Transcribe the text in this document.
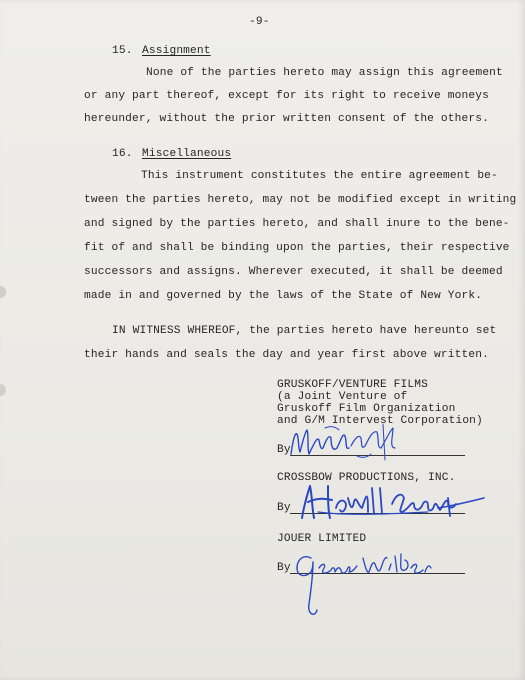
-9-
15. Assignment
None of the parties hereto may assign this agreement
or any part thereof, except for its right to receive moneys
hereunder, without the prior written consent of the others.
16. Miscellaneous
This instrument constitutes the entire agreement be-
tween the parties hereto, may not be modified except in writing
and signed by the parties hereto, and shall inure to the bene-
fit of and shall be binding upon the parties, their respective
successors and assigns. Wherever executed, it shall be deemed
made in and governed by the laws of the State of New York.
IN WITNESS WHEREOF, the parties hereto have hereunto set
their hands and seals the day and year first above written.
GRUSKOFF/VENTURE FILMS
(a Joint Venture of
Gruskoff Film Organization
and G/M Intervest Corporation)
By
CROSSBOW PRODUCTIONS, INC.
By
JOUER LIMITED
By
